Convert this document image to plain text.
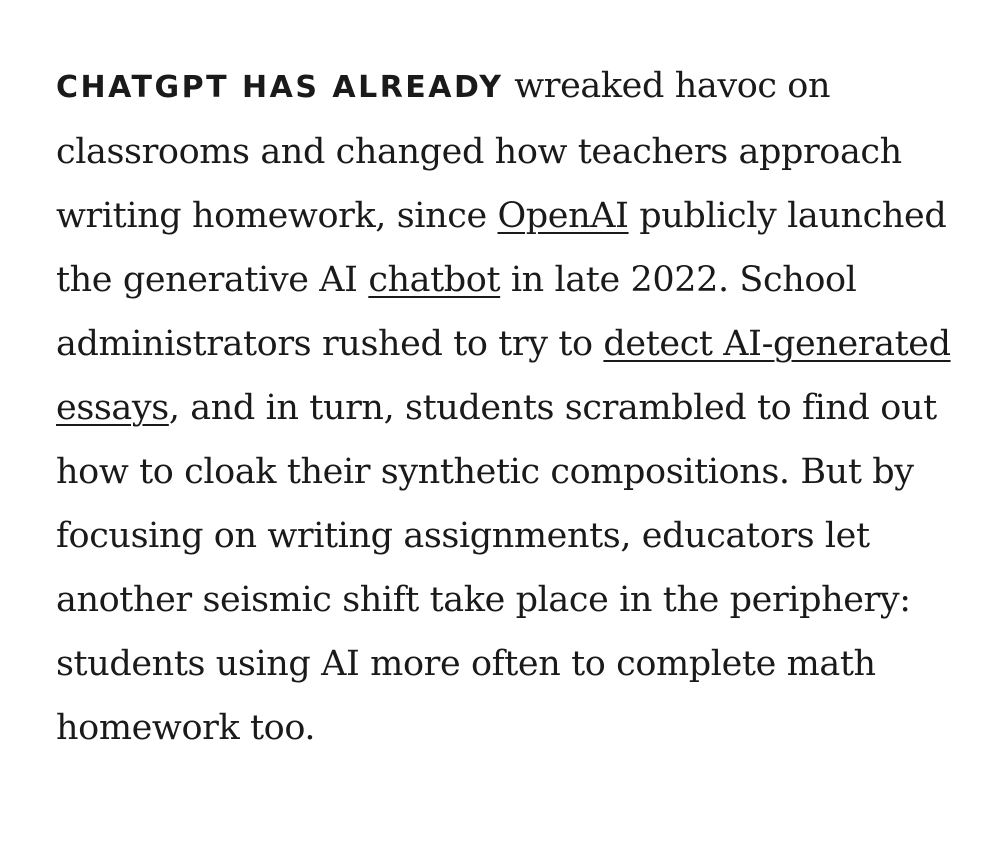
CHATGPT HAS ALREADY wreaked havoc on classrooms and changed how teachers approach writing homework, since OpenAI publicly launched the generative AI chatbot in late 2022. School administrators rushed to try to detect AI-generated essays, and in turn, students scrambled to find out how to cloak their synthetic compositions. But by focusing on writing assignments, educators let another seismic shift take place in the periphery: students using AI more often to complete math homework too.
